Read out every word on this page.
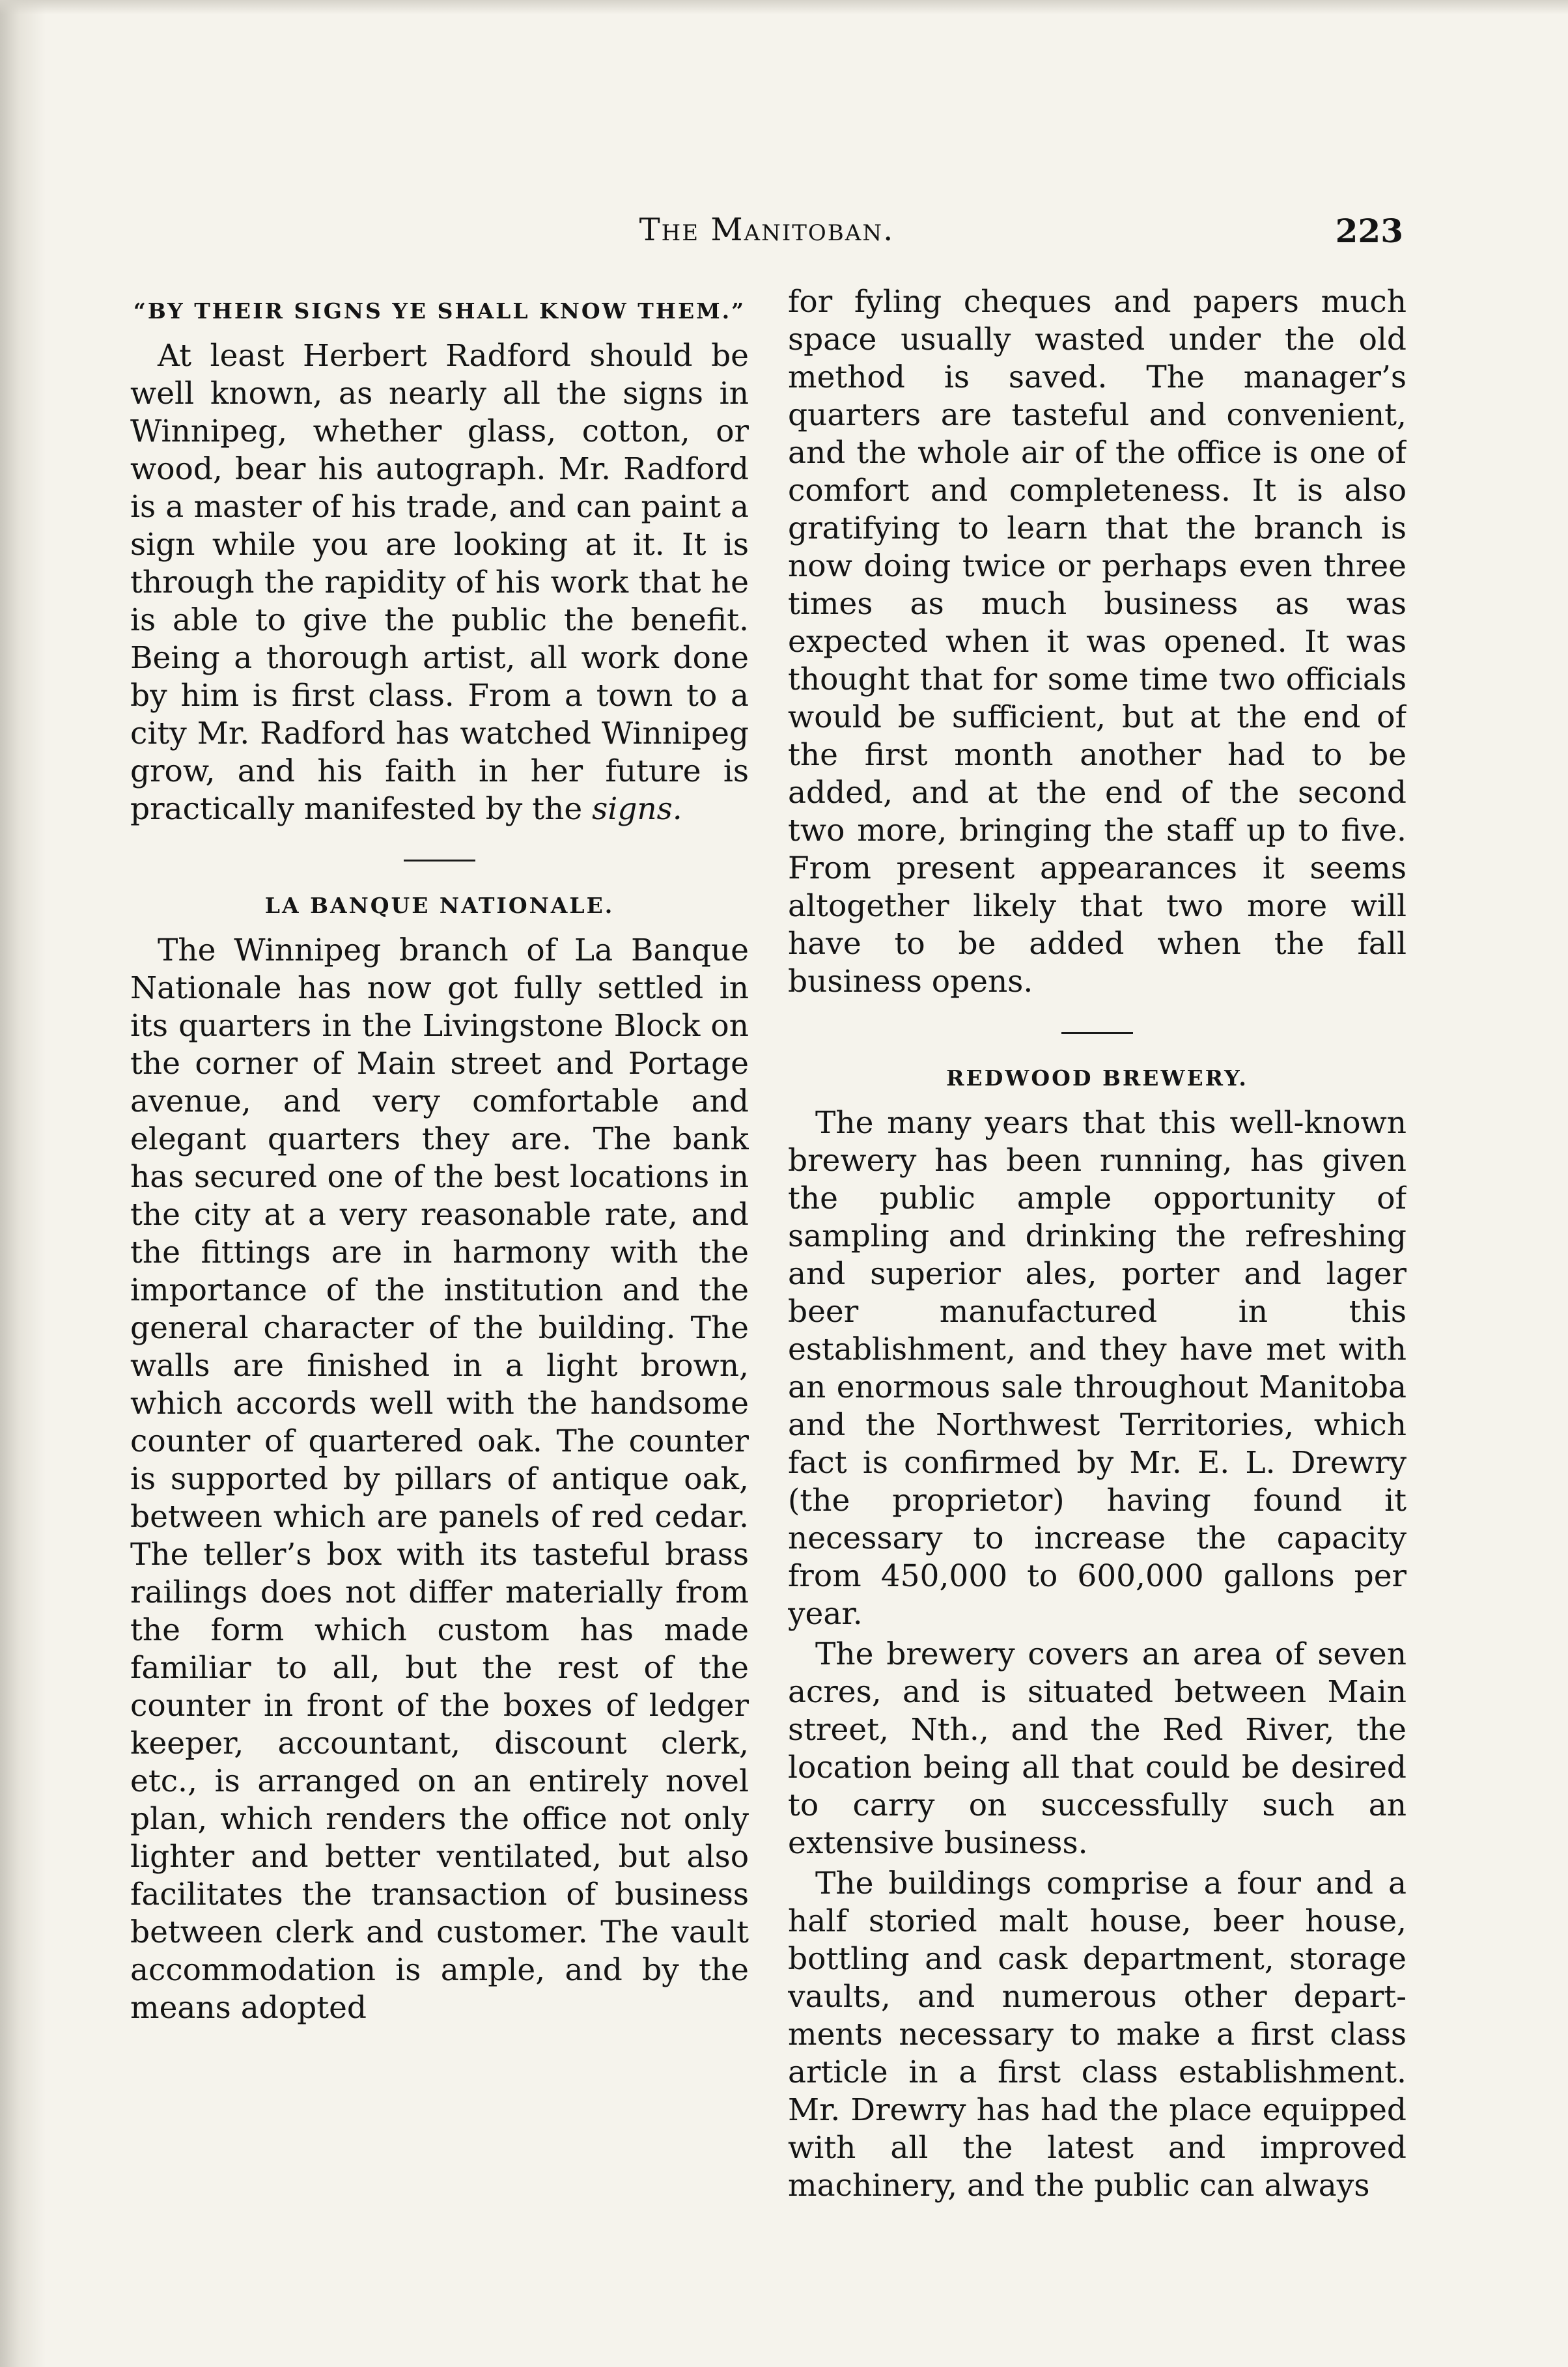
The Manitoban.	223
“BY THEIR SIGNS YE SHALL KNOW THEM.”

At least Herbert Radford should be well known, as nearly all the signs in Winnipeg, whether glass, cotton, or wood, bear his autograph. Mr. Radford is a master of his trade, and can paint a sign while you are looking at it. It is through the rapidity of his work that he is able to give the public the benefit. Being a thorough artist, all work done by him is first class. From a town to a city Mr. Radford has watched Winnipeg grow, and his faith in her future is practically manifested by the signs.

LA BANQUE NATIONALE.

The Winnipeg branch of La Banque Nationale has now got fully settled in its quarters in the Livingstone Block on the corner of Main street and Portage avenue, and very comfortable and elegant quarters they are. The bank has secured one of the best locations in the city at a very reasonable rate, and the fittings are in harmony with the importance of the institution and the general character of the building. The walls are finished in a light brown, which accords well with the handsome counter of quartered oak. The counter is supported by pillars of antique oak, between which are panels of red cedar. The teller’s box with its tasteful brass railings does not differ materially from the form which custom has made familiar to all, but the rest of the counter in front of the boxes of ledger keeper, accountant, discount clerk, etc., is arranged on an entirely novel plan, which renders the office not only lighter and better ventilated, but also facilitates the transaction of business between clerk and customer. The vault accommodation is ample, and by the means adopted

for fyling cheques and papers much space usually wasted under the old method is saved. The manager’s quarters are tasteful and convenient, and the whole air of the office is one of comfort and completeness. It is also gratifying to learn that the branch is now doing twice or perhaps even three times as much business as was expected when it was opened. It was thought that for some time two officials would be sufficient, but at the end of the first month another had to be added, and at the end of the second two more, bringing the staff up to five. From present appearances it seems altogether likely that two more will have to be added when the fall business opens.

REDWOOD BREWERY.

The many years that this well-known brewery has been running, has given the public ample opportunity of sampling and drinking the refreshing and superior ales, porter and lager beer manufactured in this establishment, and they have met with an enormous sale throughout Manitoba and the Northwest Territories, which fact is confirmed by Mr. E. L. Drewry (the proprietor) having found it necessary to increase the capacity from 450,000 to 600,000 gallons per year.

The brewery covers an area of seven acres, and is situated between Main street, Nth., and the Red River, the location being all that could be desired to carry on successfully such an extensive business.

The buildings comprise a four and a half storied malt house, beer house, bottling and cask department, storage vaults, and numerous other departments necessary to make a first class article in a first class establishment. Mr. Drewry has had the place equipped with all the latest and improved machinery, and the public can always
